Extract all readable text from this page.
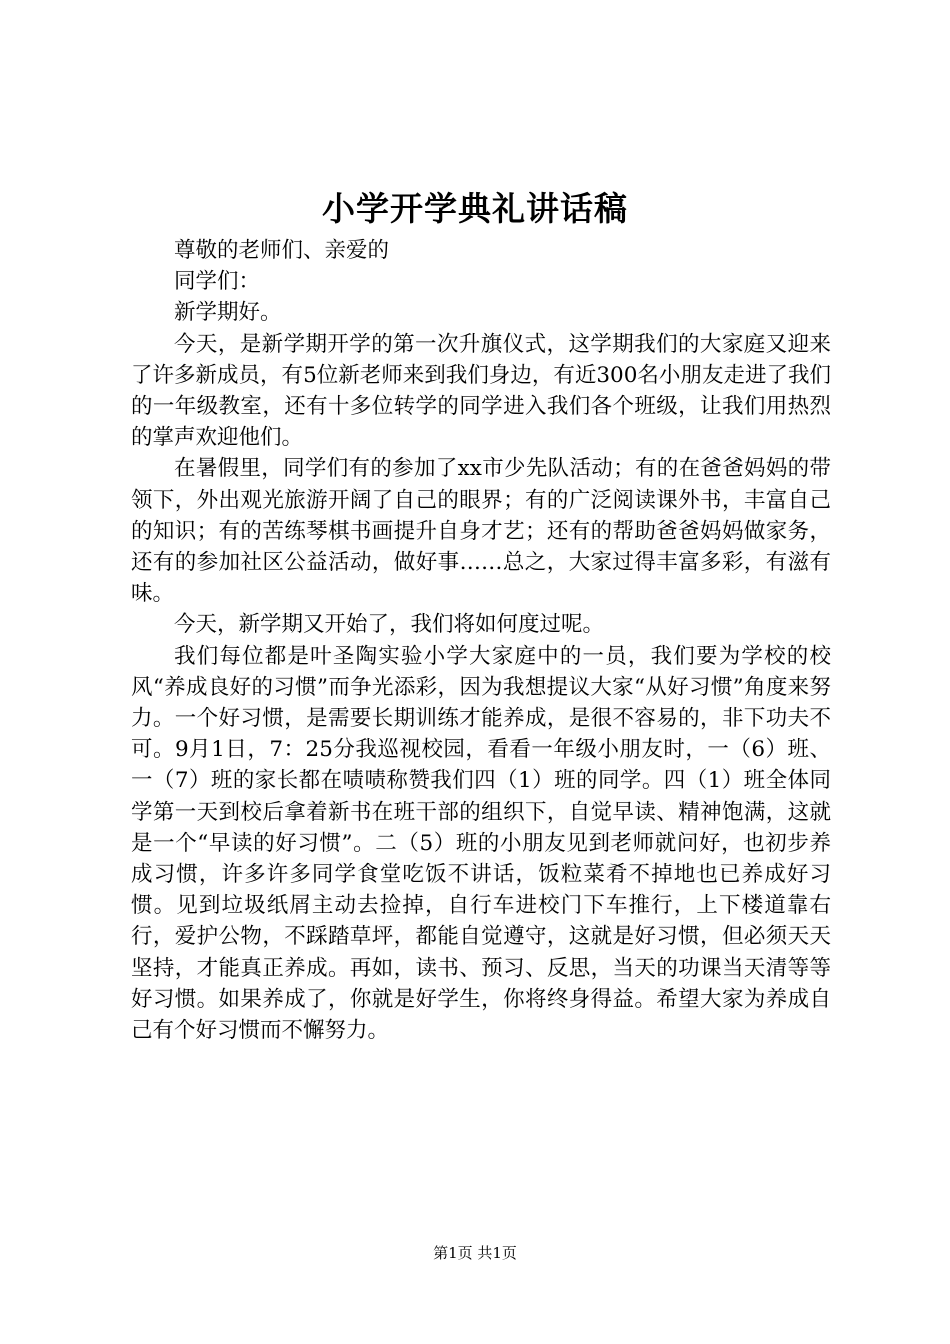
小学开学典礼讲话稿

尊敬的老师们、亲爱的

同学们：

新学期好。

今天，是新学期开学的第一次升旗仪式，这学期我们的大家庭又迎来了许多新成员，有5位新老师来到我们身边，有近300名小朋友走进了我们的一年级教室，还有十多位转学的同学进入我们各个班级，让我们用热烈的掌声欢迎他们。

在暑假里，同学们有的参加了xx市少先队活动；有的在爸爸妈妈的带领下，外出观光旅游开阔了自己的眼界；有的广泛阅读课外书，丰富自己的知识；有的苦练琴棋书画提升自身才艺；还有的帮助爸爸妈妈做家务，还有的参加社区公益活动，做好事……总之，大家过得丰富多彩，有滋有味。

今天，新学期又开始了，我们将如何度过呢。

我们每位都是叶圣陶实验小学大家庭中的一员，我们要为学校的校风“养成良好的习惯”而争光添彩，因为我想提议大家“从好习惯”角度来努力。一个好习惯，是需要长期训练才能养成，是很不容易的，非下功夫不可。9月1日，7：25分我巡视校园，看看一年级小朋友时，一（6）班、一（7）班的家长都在啧啧称赞我们四（1）班的同学。四（1）班全体同学第一天到校后拿着新书在班干部的组织下，自觉早读、精神饱满，这就是一个“早读的好习惯”。二（5）班的小朋友见到老师就问好，也初步养成习惯，许多许多同学食堂吃饭不讲话，饭粒菜肴不掉地也已养成好习惯。见到垃圾纸屑主动去捡掉，自行车进校门下车推行，上下楼道靠右行，爱护公物，不踩踏草坪，都能自觉遵守，这就是好习惯，但必须天天坚持，才能真正养成。再如，读书、预习、反思，当天的功课当天清等等好习惯。如果养成了，你就是好学生，你将终身得益。希望大家为养成自己有个好习惯而不懈努力。

第1页 共1页
